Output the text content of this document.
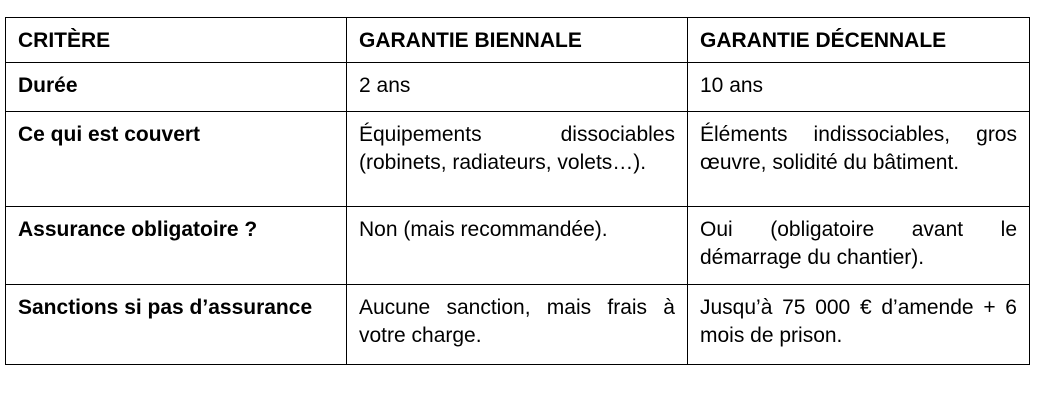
CRITÈRE	GARANTIE BIENNALE	GARANTIE DÉCENNALE
Durée	2 ans	10 ans
Ce qui est couvert	Équipements dissociables (robinets, radiateurs, volets…).	Éléments indissociables, gros œuvre, solidité du bâtiment.
Assurance obligatoire ?	Non (mais recommandée).	Oui (obligatoire avant le démarrage du chantier).
Sanctions si pas d’assurance	Aucune sanction, mais frais à votre charge.	Jusqu’à 75 000 € d’amende + 6 mois de prison.
